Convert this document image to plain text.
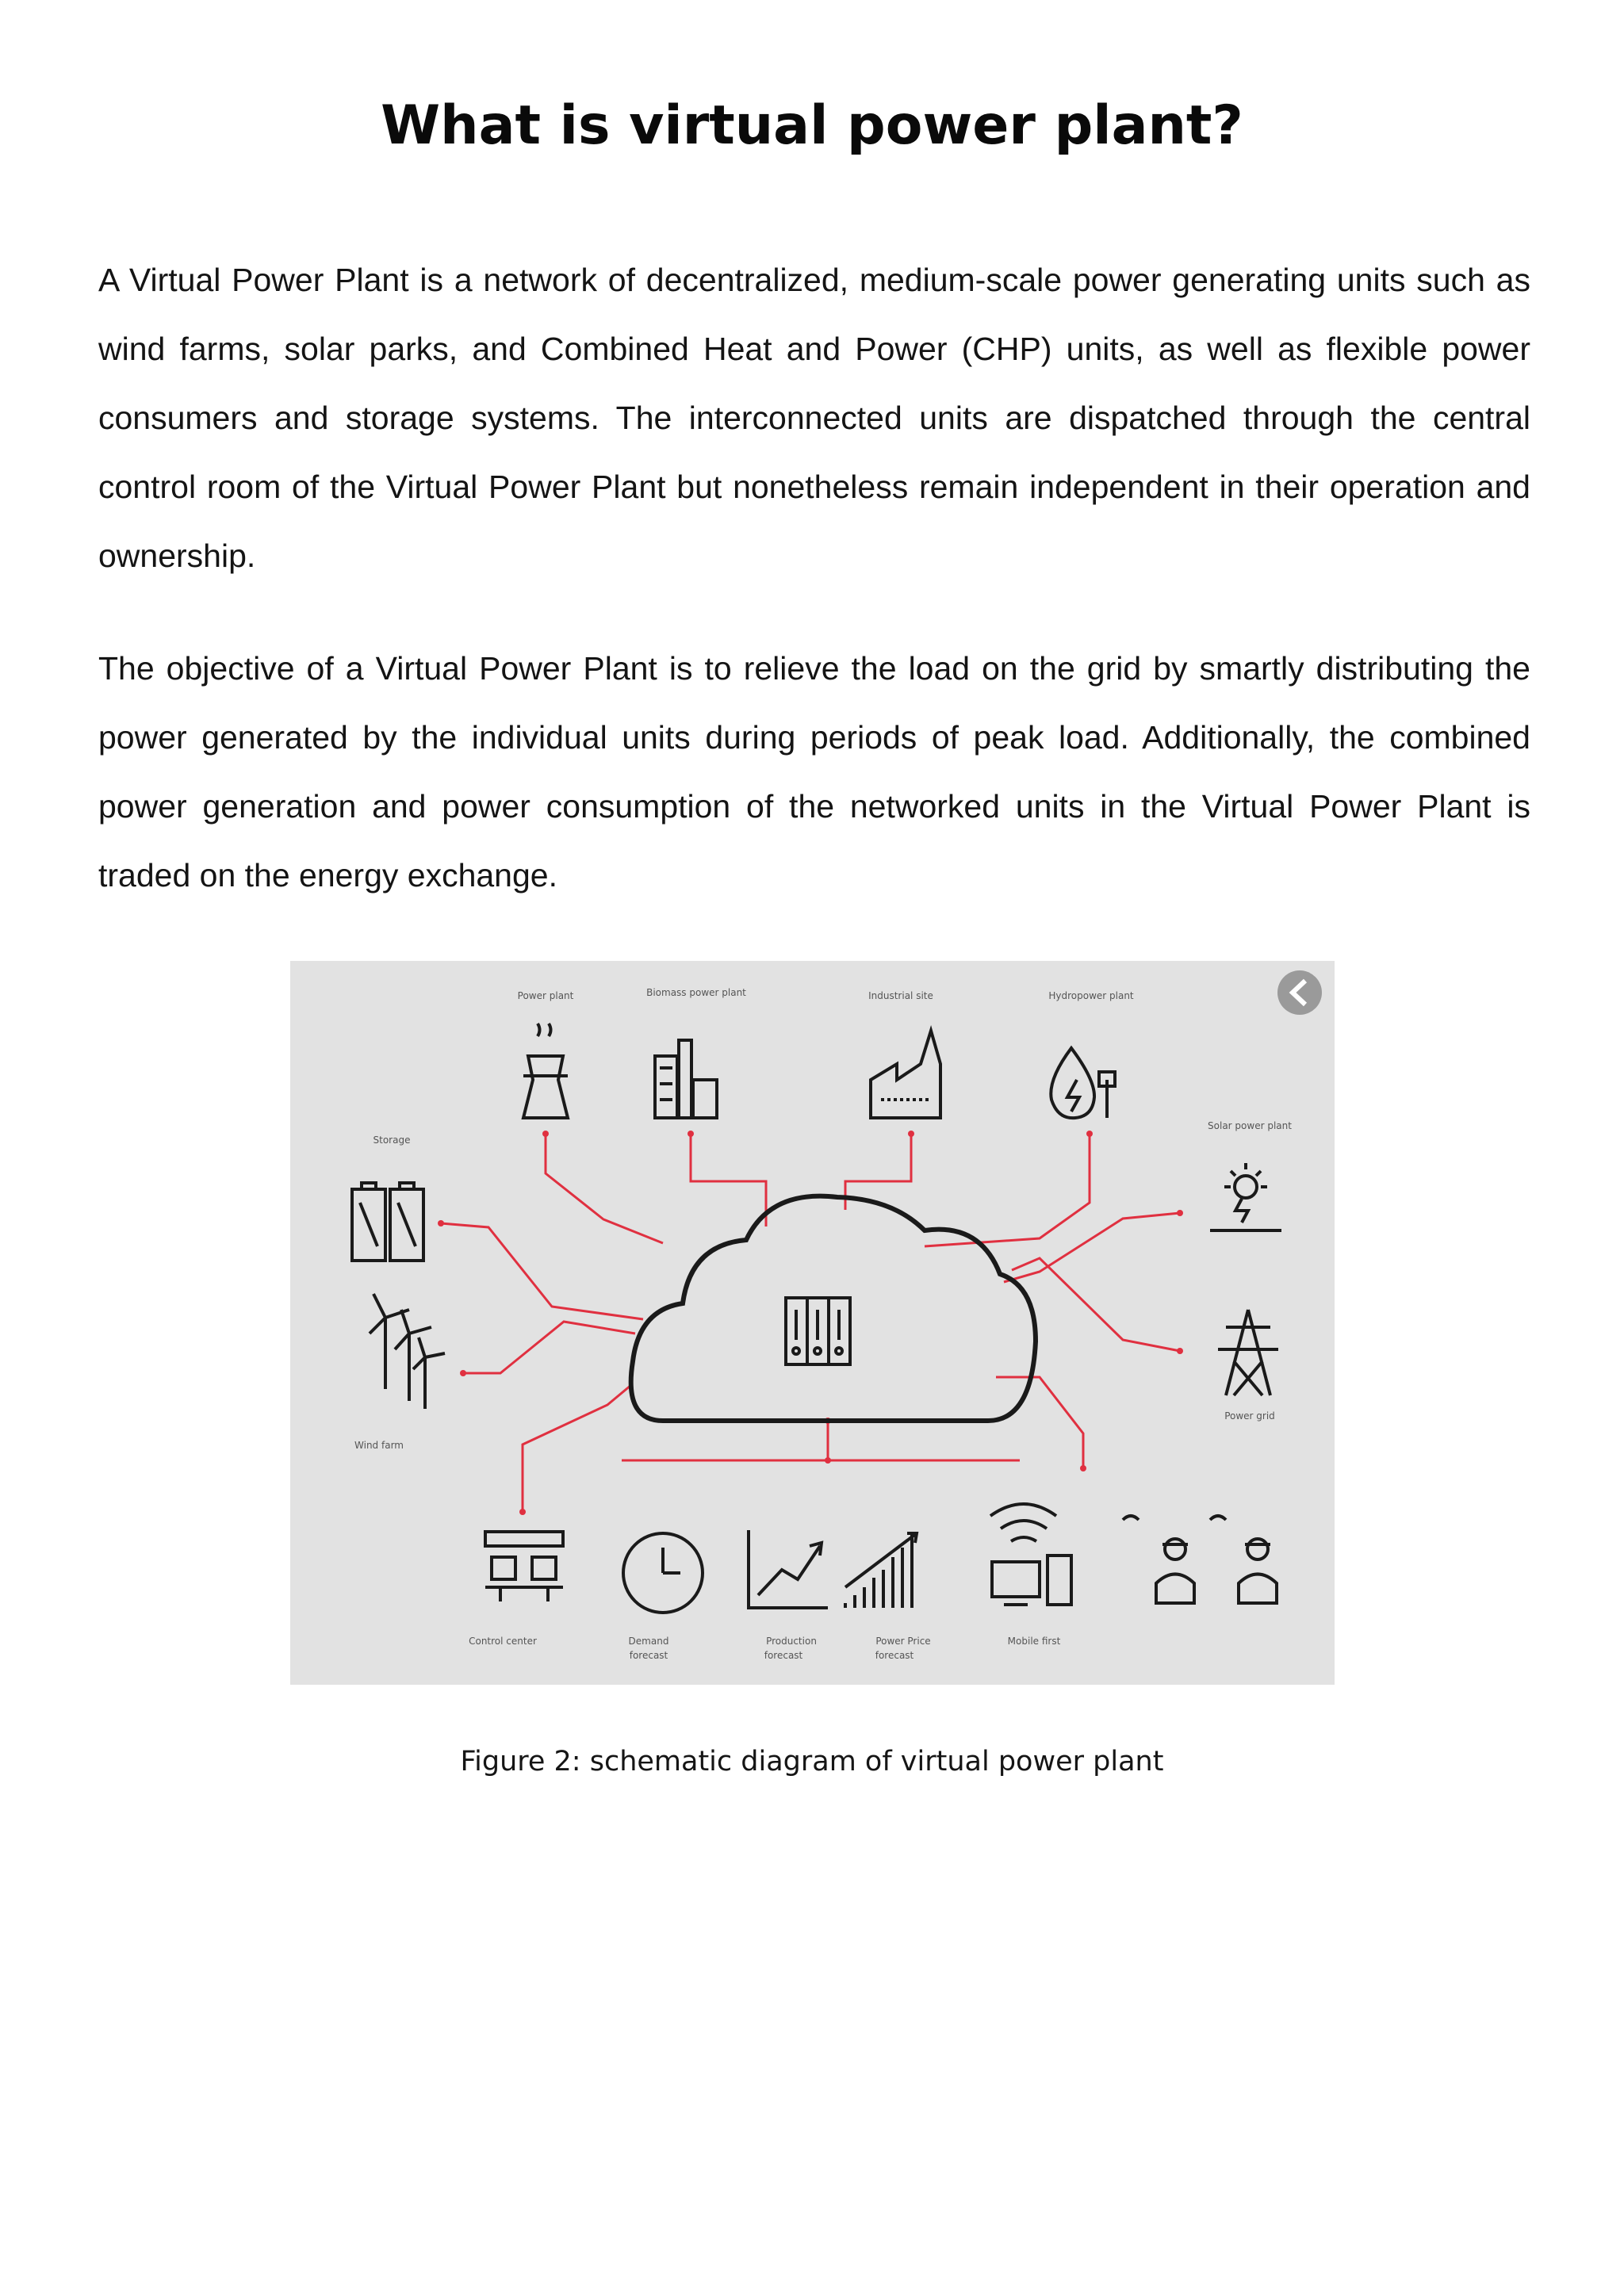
What is virtual power plant?

A Virtual Power Plant is a network of decentralized, medium-scale power generating units such as wind farms, solar parks, and Combined Heat and Power (CHP) units, as well as flexible power consumers and storage systems. The interconnected units are dispatched through the central control room of the Virtual Power Plant but nonetheless remain independent in their operation and ownership.

The objective of a Virtual Power Plant is to relieve the load on the grid by smartly distributing the power generated by the individual units during periods of peak load. Additionally, the combined power generation and power consumption of the networked units in the Virtual Power Plant is traded on the energy exchange.

Power plant	Biomass power plant	Industrial site	Hydropower plant
Storage
Solar power plant
Wind farm
Power grid
Control center	Demand
forecast
Production
forecast
Power Price
forecast
Mobile first

Figure 2: schematic diagram of virtual power plant
